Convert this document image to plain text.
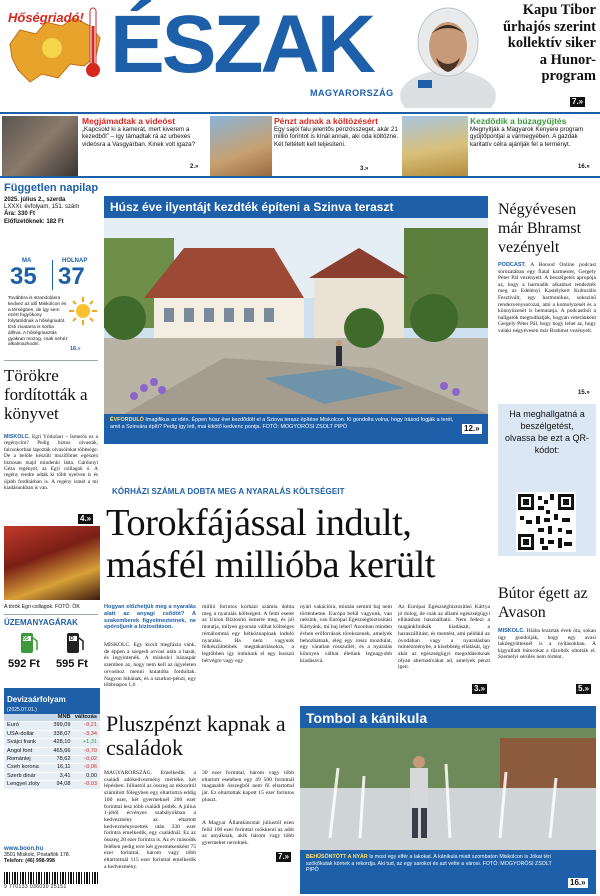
Hőségriadó! ÉSZAK
MAGYARORSZÁG
Kapu Tibor űrhajós szerint kollektív siker a Hunor-program
7.»
Megjámadtak a videóst
„Kapcsold ki a kamerát, mert kiverem a kezedből” – így támadtak rá az urbexes videósra a Vasgyárban. Kinek volt igaza?
2.»
Pénzt adnak a költözésért
Egy sajói falu jelentős pénzösszeget, akár 21 millió forintot is kínál annak, aki oda költözne. Két feltételt kell teljesíteni.
3.»
Kezdődik a búzagyűjtés
Megnyitják a Magyarok Kenyere program gyűjtőpontjai a vármegyében. A gazdák karitatív célra ajánlják fel a terményt.
16.»
Független napilap
2025. július 2., szerda
LXXXI. évfolyam, 151. szám
Ára: 330 Ft
Előfizetőknek: 182 Ft
MA
35
HOLNAP
37
Továbbra is strandolásra kedvez az idő Miskolcon és a térségben, de így sem ezért fogyókony folytatódnak a hőségriadót. Esti zivatarra is sorba állítva. A hőségriasztás gyakran mozog, csak nehéz alkalmazkodni.
16.»
Törökre fordították a könyvet

MISKOLC. Egri Yıldızlari – Ismerős ez a regénycím? Pedig biztos olvasták, falcsokorban lapozták olvasóinkat többsége. De a belőle készült mozifilmet egészen biztosan majd mindenki látta. Gárdonyi Géza regényét, az Egri csillagok ó. A regény rendre adták ki több nyelven is és újabb fordításban is. A regény ismét a mi kiadásunkban is van.

4.»
A török Egri csillagok. FOTÓ: ÖK
ÜZEMANYAGÁRAK
95	D
592 Ft 595 Ft
Devizaárfolyam
(2025.07.01.)
MNB változás
Euró	399,09	-0,21
USA-dollár	338,07	-3,34
Svájci frank	428,10	+1,31
Angol font	465,66	-0,70
Románlej	78,62	-0,02
Cseh korona	16,11	-0,06
Szerb dinár	3,41	0,00
Lengyel zloty	94,08	-0,03
www.boon.hu
3501 Miskolc, Postafiók 178.
Telefon: (46) 998-998
9 770133 036030 25151
Húsz éve ilyentájt kezdték építeni a Szinva teraszt
ÉVFORDULÓ Imagifikus az idén. Éppen húsz éve kezdődött el a Szinva terasz építése Miskolcon. Ki gondolta volna, hogy írásod fogják a terét, amit a Szinvára építi? Pedig így lett, mai kikötő kedvenc pontja. FOTÓ: MOGYORÓSI ZSOLT PIPÓ	12.»
KÓRHÁZI SZÁMLA DOBTA MEG A NYARALÁS KÖLTSÉGEIT
Torokfájással indult, másfél millióba került

Hogyan előzhetjük meg a nyaralás alatt az anyagi csődöt? A szakemberek figyelmeztetnek, ne spóroljunk a biztosításon.

MISKOLC. Egy kicsit megfázta vánk, de éppen a szegedi orvosi után a hasát, és legyintenék. A miskolci házaspár szemben az, hogy nem kell az ügyeleten orvoshoz menni kutatóba fordultak. Nagyon hibának, és a szurkot-pénzt, egy többnapos 1,6

millió forintos kórházi számla dobta meg a nyaralás költségeit. A fenti esetet az Union Biztosító ismerte meg, és jól mutatja, milyen gyorsan válhat költséges rémálommá egy hétköznapinak induló nyaralás. Ha nem vagyunk felkészültebbek megtakarításokra, a legtöbben így indulunk el egy hosszú bérvégre vagy egy

nyári vakációra, miután semmi baj nem történhetne. Európa belül vagyunk, van nekünk, van Európai Egészségbiztosítási Kártyánk, mi baj lehet? Azonban minden évben erőforrások törekszenek, amelyek behozhatnak, elég egy rossz mozdulat, egy váratlan rosszullét, és a nyaralás könnyen válhat életünk legnagyobb kiadásává.

Az Európai Egészségbiztosítási Kártya jó dolog, de csak az állami egészségügyi ellátásban használható. Nem fedezi a magánklinikák kiadásait, a hazaszállítást, és mentést, ami például az óvodában vagy a nyaralásban mintézménybe, a kisebbség ellátását, így akár az egészségügyi megoldásoknak olyan alternatívákat ad, amelyek pénzt igen.

3.»
Pluszpénzt kapnak a családok

MAGYARORSZÁG. Emelkedik a családi adókedvezmény mértéke, két lépésben. Júliustól az összeg az ekkoritól számított fölegyben egy eltartottra eddig 100 ezer, két gyermeknél 200 ezer forinttal lesz több családi pótlék. A július 1-jétől érvényes szabályokban a kedvezmény az eltartott kedvezményezettek után 330 ezer forintra emelkedik, egy családnál. Ez az összeg 20 ezer forintra is. Az év második felében pedig erre két gyermekenként 75 ezer forinttal, három vagy több eltartottnál 115 ezer forinttal emelkedik a kedvezmény.

30 ezer forinttal, három vagy több eltartott esetében egy 49 500 forintnál magasabb összegből nem fő eltartottal jár. Ez eltartottak kapott 15 ezer forintos pluszt.

A Magyar Államkincstár júliustól ezen felül 100 ezer forinttal csökkenti az adót az anyáknak, akik három vagy több gyermeket nevelnek.

7.»
Tombol a kánikula
BEHŰSÖNTÖTT A NYÁR Is most egy elfér a lakokat. A kánikula miatt szombaton Miskolcon is Jókai téri szökőkutak körnek a rekordja. Aki tud, az egy sarokot és azt vette a városi. FOTÓ: MOGYORÓSI ZSOLT PIPÓ
16.»
Négyévesen már Bhramst vezényelt

PODCAST. A Borsod Online podcast sorozatában egy fiatal karmester, Gergely Péter Pál vezényelt. A beszélgetés apropója az, hogy a harmadik alkalmat rendezték meg az Edelényi Kastélykert Kulturális Fesztivált, egy harmonikus, sokszínű rendezvénysorozat, ami a komolyzenét és a könnyűzenét is bemutatja. A podcastból a hallgatók megtudhatják, hogyan veteránként Gergely Péter Pál, hogy hogy lehet az, hogy valaki négyévesen már Brahmst vezényelt.

15.»
Ha meghallgatná a beszélgetést, olvassa be ezt a QR-kódot:
Bútor égett az Avason

MISKOLC. Hiába lezártak évek óta, sokan úgy gondolják, hogy egy avasi lakóegyüttesnél is a nyílásokban. A kigyulladt bútorokat a tűzoltók oltották el. Személyi sérülés nem történt.

5.»
